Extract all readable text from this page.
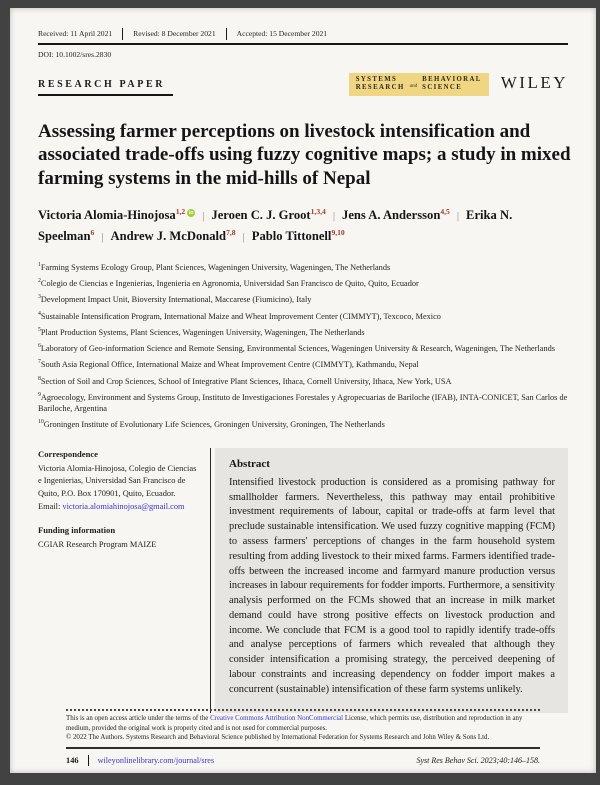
Received: 11 April 2021	Revised: 8 December 2021	Accepted: 15 December 2021
DOI: 10.1002/sres.2830
RESEARCH PAPER	SYSTEMS
RESEARCH and
BEHAVIORAL
SCIENCE	WILEY
Assessing farmer perceptions on livestock intensification and associated trade-offs using fuzzy cognitive maps; a study in mixed farming systems in the mid-hills of Nepal
Victoria Alomia-Hinojosa$^{1,2}$ iD | Jeroen C. J. Groot$^{1,3,4}$ | Jens A. Andersson$^{4,5}$ | Erika N. Speelman$^6$ | Andrew J. McDonald$^{7,8}$ | Pablo Tittonell$^{9,10}$
$^1$Farming Systems Ecology Group, Plant Sciences, Wageningen University, Wageningen, The Netherlands
$^2$Colegio de Ciencias e Ingenierias, Ingenieria en Agronomia, Universidad San Francisco de Quito, Quito, Ecuador
$^3$Development Impact Unit, Bioversity International, Maccarese (Fiumicino), Italy
$^4$Sustainable Intensification Program, International Maize and Wheat Improvement Center (CIMMYT), Texcoco, Mexico
$^5$Plant Production Systems, Plant Sciences, Wageningen University, Wageningen, The Netherlands
$^6$Laboratory of Geo-information Science and Remote Sensing, Environmental Sciences, Wageningen University & Research, Wageningen, The Netherlands
$^7$South Asia Regional Office, International Maize and Wheat Improvement Centre (CIMMYT), Kathmandu, Nepal
$^8$Section of Soil and Crop Sciences, School of Integrative Plant Sciences, Ithaca, Cornell University, Ithaca, New York, USA
$^9$Agroecology, Environment and Systems Group, Instituto de Investigaciones Forestales y Agropecuarias de Bariloche (IFAB), INTA-CONICET, San Carlos de Bariloche, Argentina
$^{10}$Groningen Institute of Evolutionary Life Sciences, Groningen University, Groningen, The Netherlands
Correspondence
Victoria Alomia-Hinojosa, Colegio de Ciencias e Ingenierias, Universidad San Francisco de Quito, P.O. Box 170901, Quito, Ecuador.
Email: victoria.alomiahinojosa@gmail.com
Funding information
CGIAR Research Program MAIZE
Abstract
Intensified livestock production is considered as a promising pathway for smallholder farmers. Nevertheless, this pathway may entail prohibitive investment requirements of labour, capital or trade-offs at farm level that preclude sustainable intensification. We used fuzzy cognitive mapping (FCM) to assess farmers' perceptions of changes in the farm household system resulting from adding livestock to their mixed farms. Farmers identified trade-offs between the increased income and farmyard manure production versus increases in labour requirements for fodder imports. Furthermore, a sensitivity analysis performed on the FCMs showed that an increase in milk market demand could have strong positive effects on livestock production and income. We conclude that FCM is a good tool to rapidly identify trade-offs and analyse perceptions of farmers which revealed that although they consider intensification a promising strategy, the perceived deepening of labour constraints and increasing dependency on fodder import makes a concurrent (sustainable) intensification of these farm systems unlikely.
This is an open access article under the terms of the Creative Commons Attribution NonCommercial License, which permits use, distribution and reproduction in any medium, provided the original work is properly cited and is not used for commercial purposes.
© 2022 The Authors. Systems Research and Behavioral Science published by International Federation for Systems Research and John Wiley & Sons Ltd.
146 wileyonlinelibrary.com/journal/sres	Syst Res Behav Sci. 2023;40:146–158.
